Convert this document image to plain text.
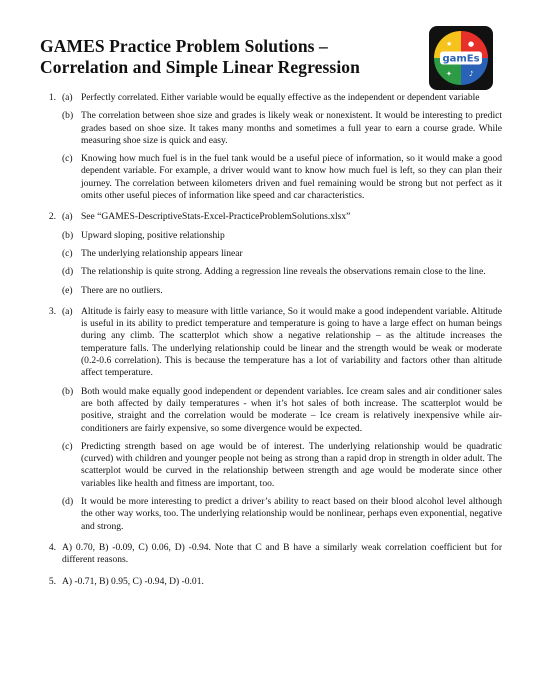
GAMES Practice Problem Solutions – Correlation and Simple Linear Regression
★ ●
✦ ♪
gamEs
1. (a) Perfectly correlated. Either variable would be equally effective as the independent or dependent variable
(b) The correlation between shoe size and grades is likely weak or nonexistent. It would be interesting to predict grades based on shoe size. It takes many months and sometimes a full year to earn a course grade. While measuring shoe size is quick and easy.
(c) Knowing how much fuel is in the fuel tank would be a useful piece of information, so it would make a good dependent variable. For example, a driver would want to know how much fuel is left, so they can plan their journey. The correlation between kilometers driven and fuel remaining would be strong but not perfect as it omits other useful pieces of information like speed and car characteristics.
2. (a) See “GAMES-DescriptiveStats-Excel-PracticeProblemSolutions.xlsx”
(b) Upward sloping, positive relationship
(c) The underlying relationship appears linear
(d) The relationship is quite strong. Adding a regression line reveals the observations remain close to the line.
(e) There are no outliers.
3. (a) Altitude is fairly easy to measure with little variance, So it would make a good independent variable. Altitude is useful in its ability to predict temperature and temperature is going to have a large effect on human beings during any climb. The scatterplot which show a negative relationship – as the altitude increases the temperature falls. The underlying relationship could be linear and the strength would be weak or moderate (0.2-0.6 correlation). This is because the temperature has a lot of variability and factors other than altitude affect temperature.
(b) Both would make equally good independent or dependent variables. Ice cream sales and air conditioner sales are both affected by daily temperatures - when it’s hot sales of both increase. The scatterplot would be positive, straight and the correlation would be moderate – Ice cream is relatively inexpensive while air-conditioners are fairly expensive, so some divergence would be expected.
(c) Predicting strength based on age would be of interest. The underlying relationship would be quadratic (curved) with children and younger people not being as strong than a rapid drop in strength in older adult. The scatterplot would be curved in the relationship between strength and age would be moderate since other variables like health and fitness are important, too.
(d) It would be more interesting to predict a driver’s ability to react based on their blood alcohol level although the other way works, too. The underlying relationship would be nonlinear, perhaps even exponential, negative and strong.
4. A) 0.70, B) -0.09, C) 0.06, D) -0.94. Note that C and B have a similarly weak correlation coefficient but for different reasons.
5. A) -0.71, B) 0.95, C) -0.94, D) -0.01.
